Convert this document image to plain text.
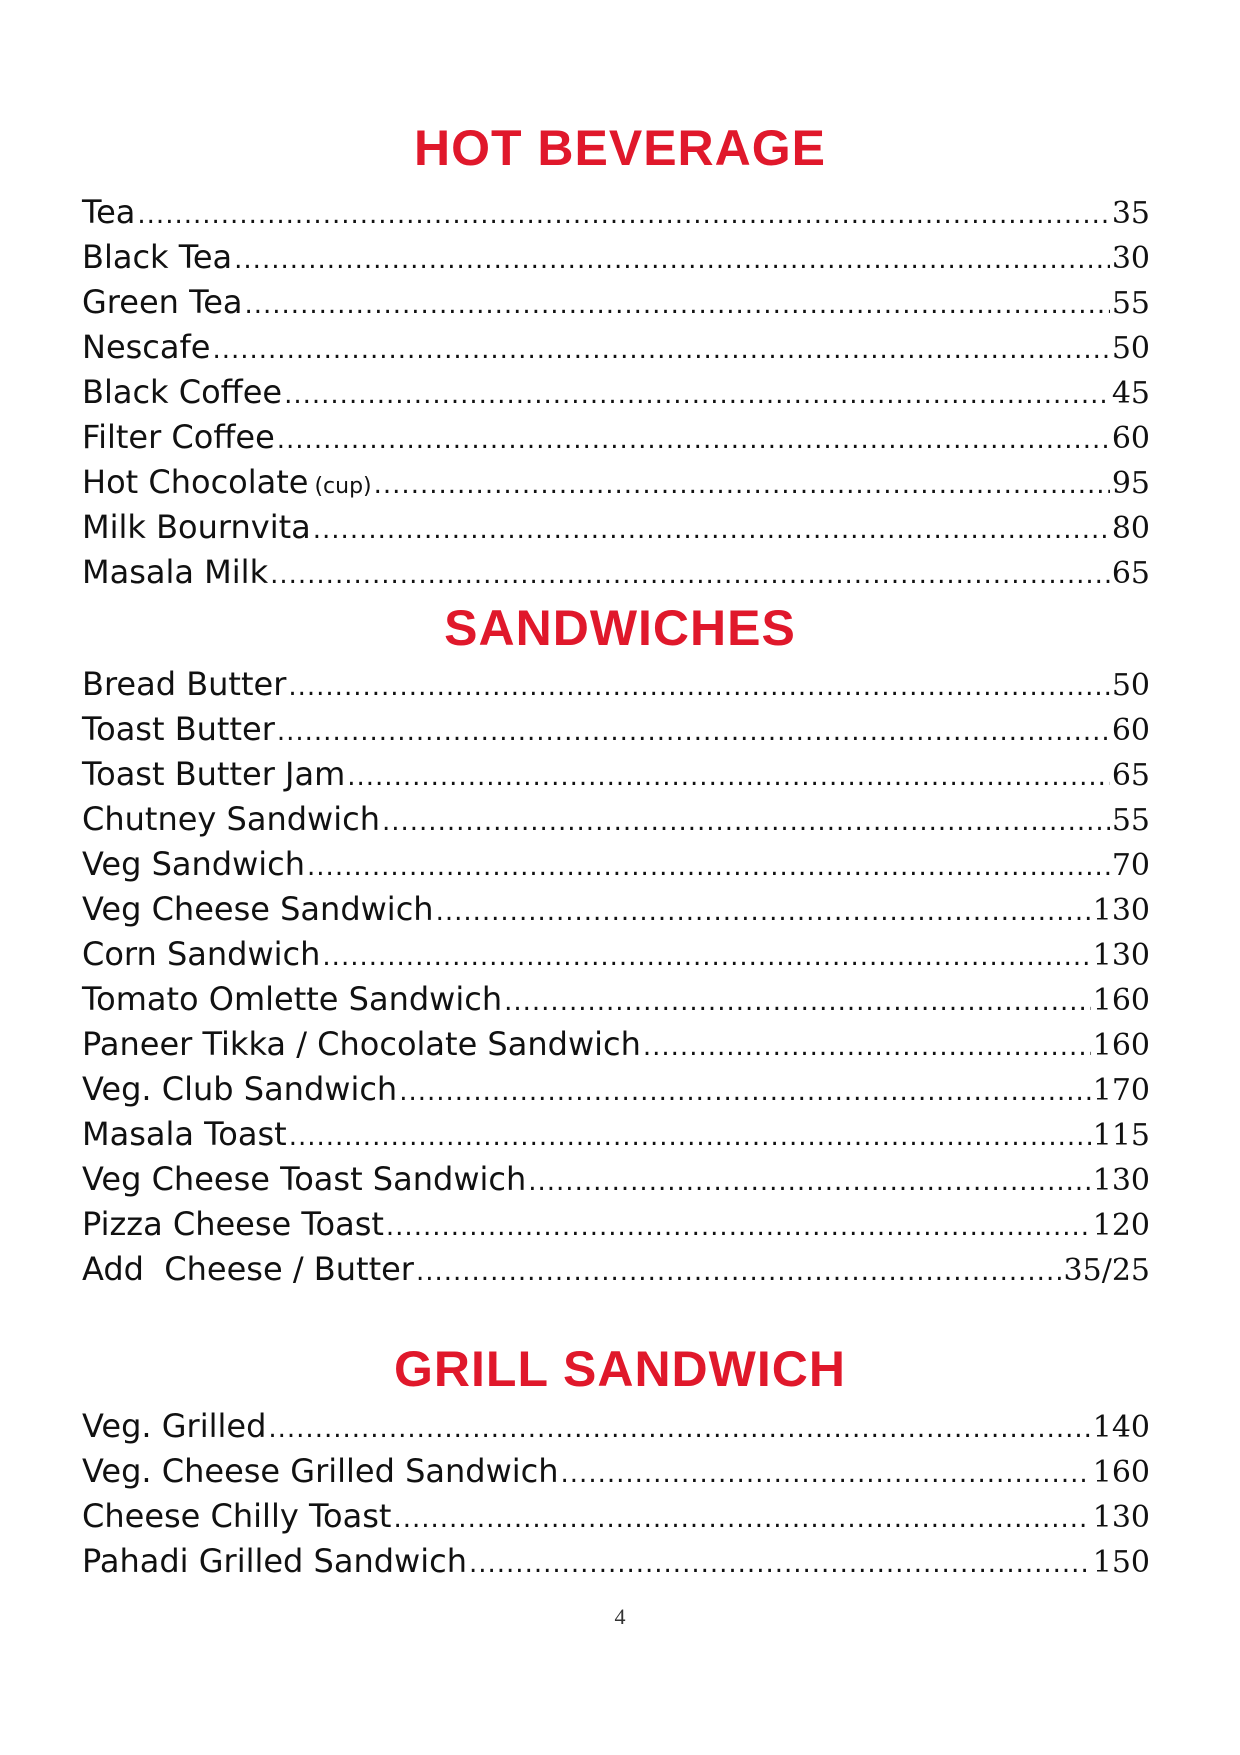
HOT BEVERAGE
Tea .....	35
Black Tea .....	30
Green Tea .....	55
Nescafe .....	50
Black Coffee .....	45
Filter Coffee .....	60
Hot Chocolate (cup) .....	95
Milk Bournvita .....	80
Masala Milk .....	65
SANDWICHES
Bread Butter .....	50
Toast Butter .....	60
Toast Butter Jam .....	65
Chutney Sandwich .....	55
Veg Sandwich .....	70
Veg Cheese Sandwich .....	130
Corn Sandwich .....	130
Tomato Omlette Sandwich .....	160
Paneer Tikka / Chocolate Sandwich .....	160
Veg. Club Sandwich .....	170
Masala Toast .....	115
Veg Cheese Toast Sandwich .....	130
Pizza Cheese Toast .....	120
Add  Cheese / Butter .....	35/25
GRILL SANDWICH
Veg. Grilled .....	140
Veg. Cheese Grilled Sandwich .....	160
Cheese Chilly Toast .....	130
Pahadi Grilled Sandwich .....	150
4
